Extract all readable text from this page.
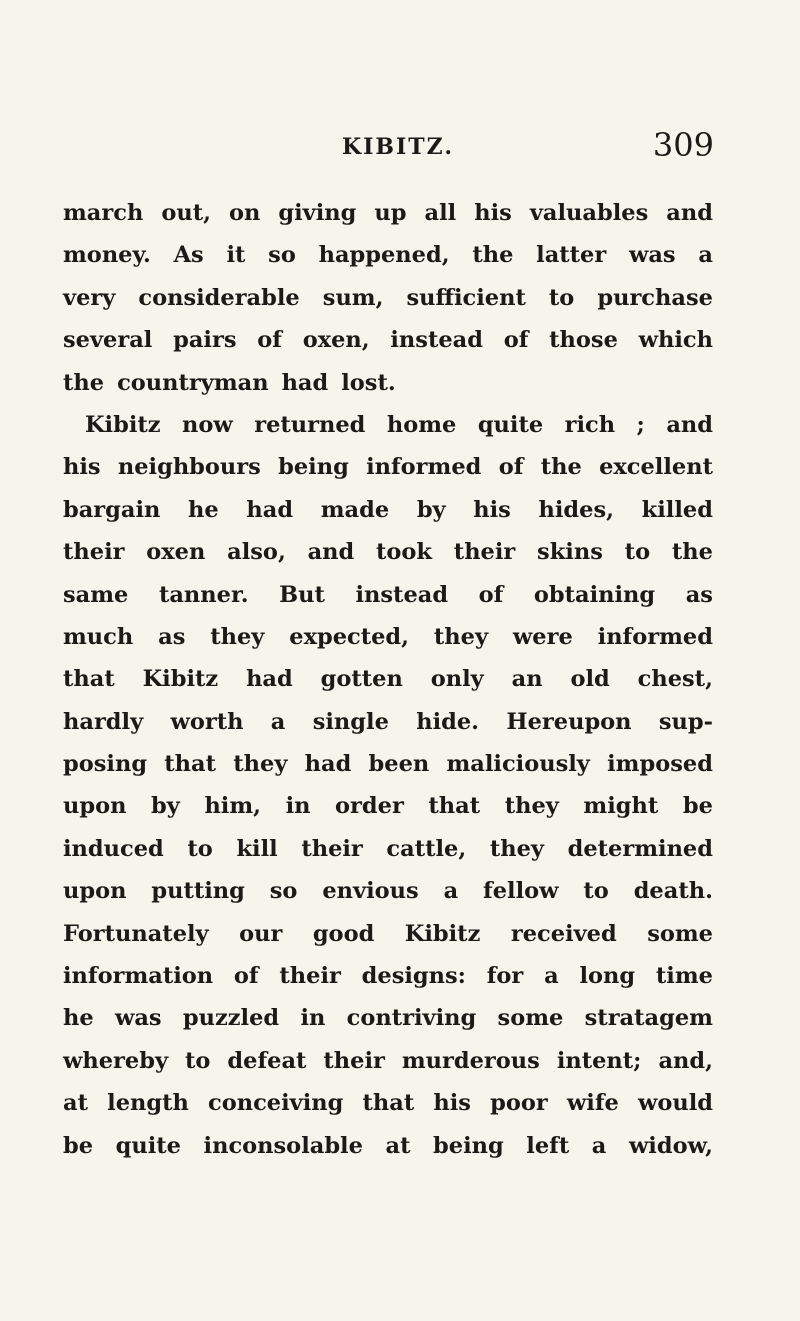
KIBITZ.	309
march out, on giving up all his valuables and
money. As it so happened, the latter was a
very considerable sum, sufficient to purchase
several pairs of oxen, instead of those which
the countryman had lost.
Kibitz now returned home quite rich ; and
his neighbours being informed of the excellent
bargain he had made by his hides, killed
their oxen also, and took their skins to the
same tanner. But instead of obtaining as
much as they expected, they were informed
that Kibitz had gotten only an old chest,
hardly worth a single hide. Hereupon sup-
posing that they had been maliciously imposed
upon by him, in order that they might be
induced to kill their cattle, they determined
upon putting so envious a fellow to death.
Fortunately our good Kibitz received some
information of their designs: for a long time
he was puzzled in contriving some stratagem
whereby to defeat their murderous intent; and,
at length conceiving that his poor wife would
be quite inconsolable at being left a widow,
